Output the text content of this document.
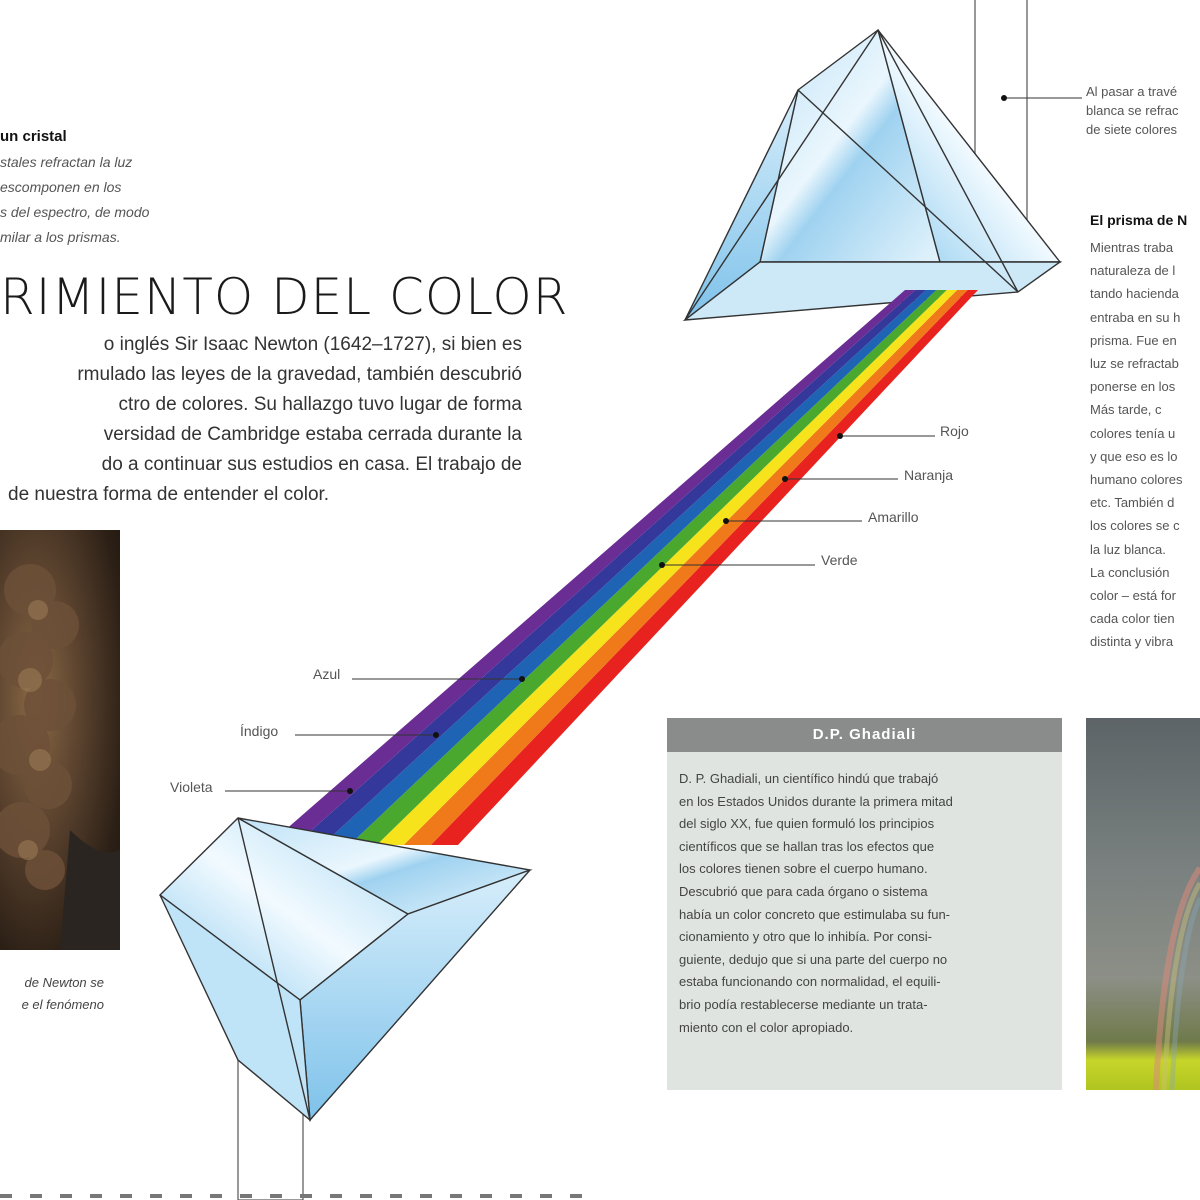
un cristal
stales refractan la luz
escomponen en los
s del espectro, de modo
milar a los prismas.
RIMIENTO DEL COLOR
o inglés Sir Isaac Newton (1642–1727), si bien es
rmulado las leyes de la gravedad, también descubrió
ctro de colores. Su hallazgo tuvo lugar de forma
versidad de Cambridge estaba cerrada durante la
do a continuar sus estudios en casa. El trabajo de
de nuestra forma de entender el color.
de Newton se
e el fenómeno
Al pasar a travé
blanca se refrac
de siete colores
El prisma de N
Mientras traba
naturaleza de l
tando hacienda
entraba en su h
prisma. Fue en
luz se refractab
ponerse en los
Más tarde, c
colores tenía u
y que eso es lo
humano colores
etc. También d
los colores se c
la luz blanca.
La conclusión
color – está for
cada color tien
distinta y vibra
Rojo
Naranja
Amarillo
Verde
Azul
Índigo
Violeta
D.P. Ghadiali
D. P. Ghadiali, un científico hindú que trabajó
en los Estados Unidos durante la primera mitad
del siglo XX, fue quien formuló los principios
científicos que se hallan tras los efectos que
los colores tienen sobre el cuerpo humano.
Descubrió que para cada órgano o sistema
había un color concreto que estimulaba su fun-
cionamiento y otro que lo inhibía. Por consi-
guiente, dedujo que si una parte del cuerpo no
estaba funcionando con normalidad, el equili-
brio podía restablecerse mediante un trata-
miento con el color apropiado.
